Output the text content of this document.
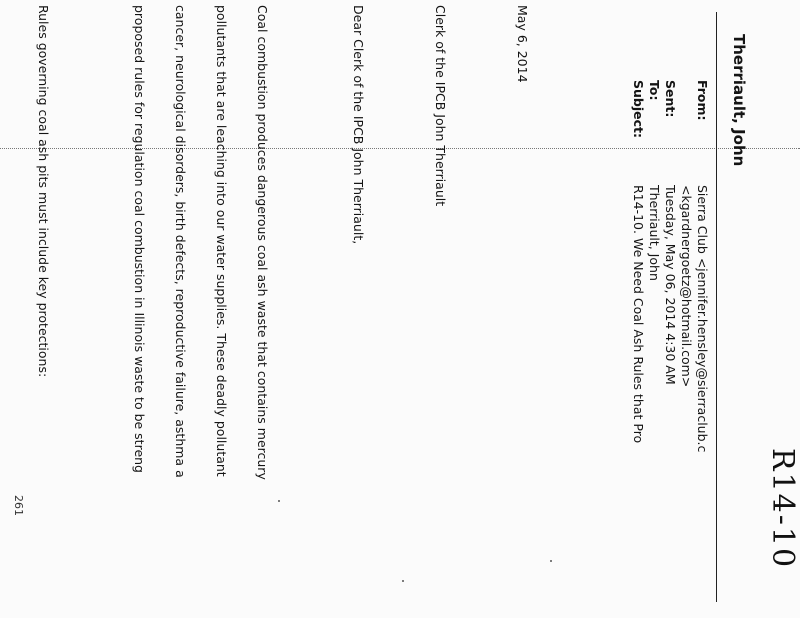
R14-10
Therriault, John
From:
Sierra Club <jennifer.hensley@sierraclub.c
<kgardnergoetz@hotmail.com>
Sent:
Tuesday, May 06, 2014 4:30 AM
To:
Therriault, John
Subject:
R14-10. We Need Coal Ash Rules that Pro

May 6, 2014

Clerk of the IPCB John Therriault

Dear Clerk of the IPCB John Therriault,

Coal combustion produces dangerous coal ash waste that contains mercury

pollutants that are leaching into our water supplies. These deadly pollutant

cancer, neurological disorders, birth defects, reproductive failure, asthma a

proposed rules for regulation coal combustion in Illinois waste to be streng

Rules governing coal ash pits must include key protections:

261
